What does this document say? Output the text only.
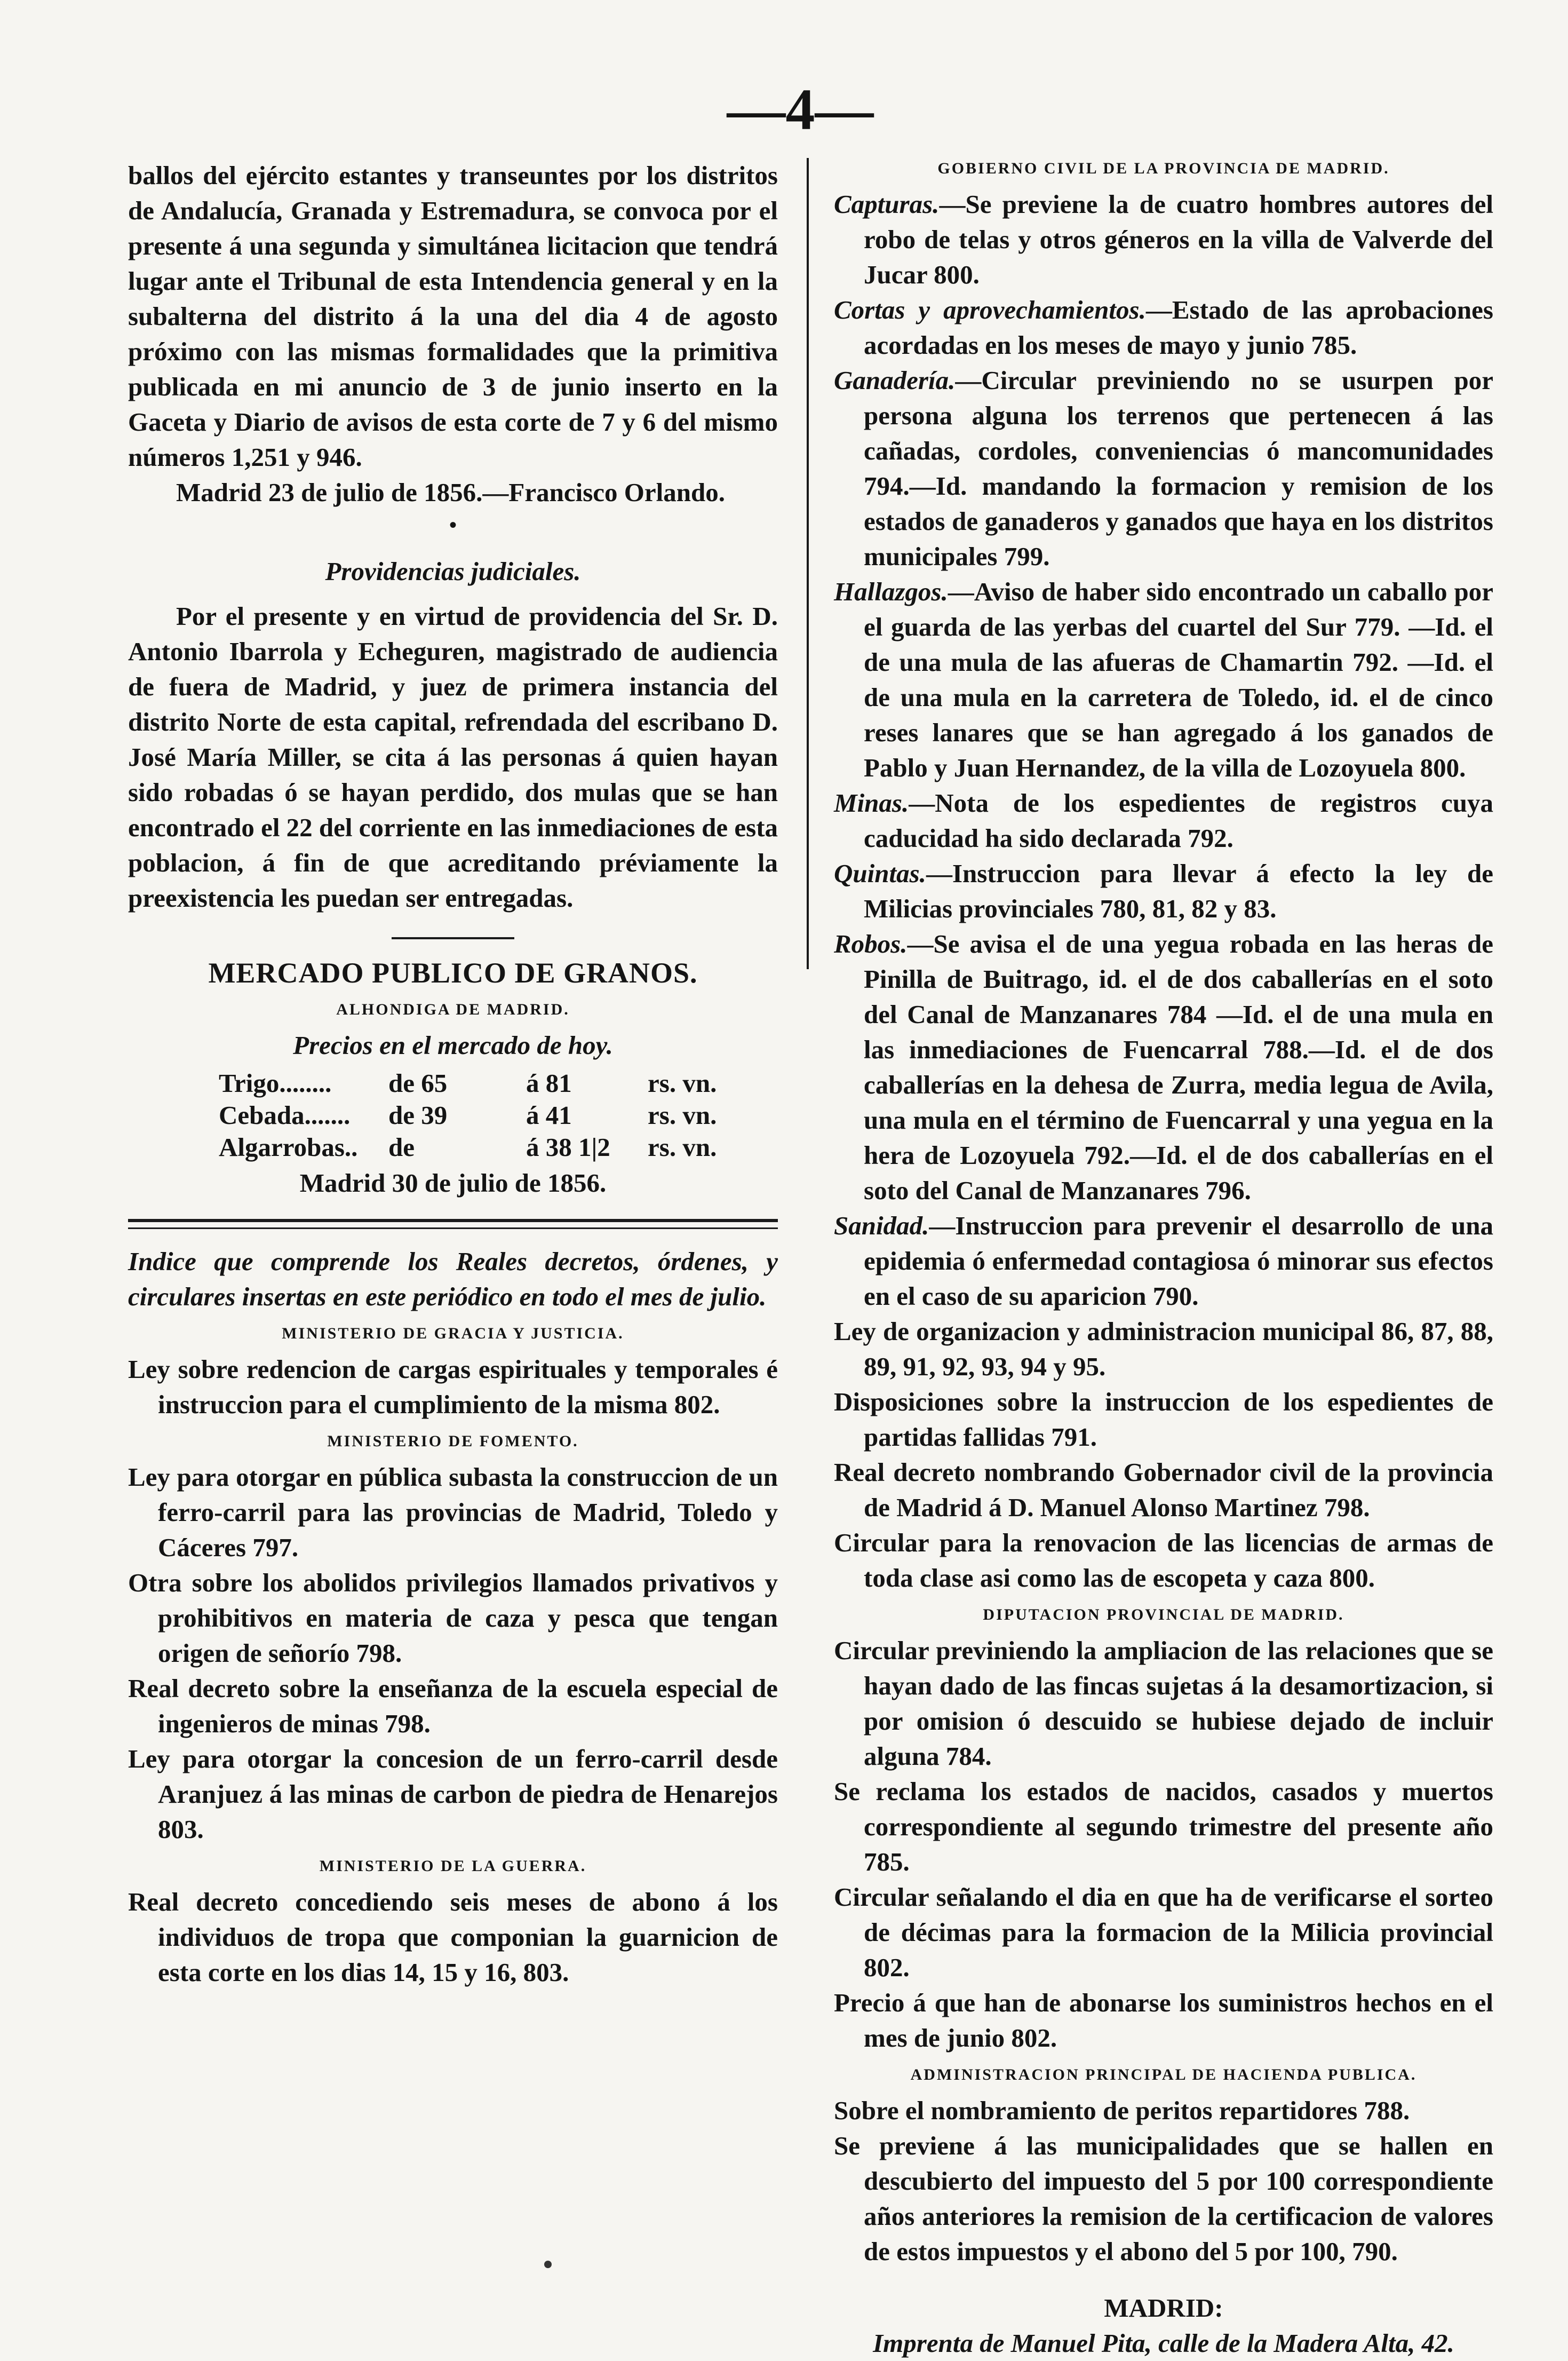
—4—

ballos del ejército estantes y transeuntes por los distritos de Andalucía, Granada y Estremadura, se convoca por el presente á una segunda y simultánea licitacion que tendrá lugar ante el Tribunal de esta Intendencia general y en la subalterna del distrito á la una del dia 4 de agosto próximo con las mismas formalidades que la primitiva publicada en mi anuncio de 3 de junio inserto en la Gaceta y Diario de avisos de esta corte de 7 y 6 del mismo números 1,251 y 946.

Madrid 23 de julio de 1856.—Francisco Orlando.

•

Providencias judiciales.

Por el presente y en virtud de providencia del Sr. D. Antonio Ibarrola y Echeguren, magistrado de audiencia de fuera de Madrid, y juez de primera instancia del distrito Norte de esta capital, refrendada del escribano D. José María Miller, se cita á las personas á quien hayan sido robadas ó se hayan perdido, dos mulas que se han encontrado el 22 del corriente en las inmediaciones de esta poblacion, á fin de que acreditando préviamente la preexistencia les puedan ser entregadas.

MERCADO PUBLICO DE GRANOS.

ALHONDIGA DE MADRID.

Precios en el mercado de hoy.

Trigo........	de 65	á 81	rs. vn.
Cebada.......	de 39	á 41	rs. vn.
Algarrobas..	de	á 38 1|2	rs. vn.

Madrid 30 de julio de 1856.

Indice que comprende los Reales decretos, órdenes, y circulares insertas en este periódico en todo el mes de julio.

MINISTERIO DE GRACIA Y JUSTICIA.

Ley sobre redencion de cargas espirituales y temporales é instruccion para el cumplimiento de la misma 802.

MINISTERIO DE FOMENTO.

Ley para otorgar en pública subasta la construccion de un ferro-carril para las provincias de Madrid, Toledo y Cáceres 797.

Otra sobre los abolidos privilegios llamados privativos y prohibitivos en materia de caza y pesca que tengan origen de señorío 798.

Real decreto sobre la enseñanza de la escuela especial de ingenieros de minas 798.

Ley para otorgar la concesion de un ferro-carril desde Aranjuez á las minas de carbon de piedra de Henarejos 803.

MINISTERIO DE LA GUERRA.

Real decreto concediendo seis meses de abono á los individuos de tropa que componian la guarnicion de esta corte en los dias 14, 15 y 16, 803.

GOBIERNO CIVIL DE LA PROVINCIA DE MADRID.

Capturas.—Se previene la de cuatro hombres autores del robo de telas y otros géneros en la villa de Valverde del Jucar 800.

Cortas y aprovechamientos.—Estado de las aprobaciones acordadas en los meses de mayo y junio 785.

Ganadería.—Circular previniendo no se usurpen por persona alguna los terrenos que pertenecen á las cañadas, cordoles, conveniencias ó mancomunidades 794.—Id. mandando la formacion y remision de los estados de ganaderos y ganados que haya en los distritos municipales 799.

Hallazgos.—Aviso de haber sido encontrado un caballo por el guarda de las yerbas del cuartel del Sur 779. —Id. el de una mula de las afueras de Chamartin 792. —Id. el de una mula en la carretera de Toledo, id. el de cinco reses lanares que se han agregado á los ganados de Pablo y Juan Hernandez, de la villa de Lozoyuela 800.

Minas.—Nota de los espedientes de registros cuya caducidad ha sido declarada 792.

Quintas.—Instruccion para llevar á efecto la ley de Milicias provinciales 780, 81, 82 y 83.

Robos.—Se avisa el de una yegua robada en las heras de Pinilla de Buitrago, id. el de dos caballerías en el soto del Canal de Manzanares 784 —Id. el de una mula en las inmediaciones de Fuencarral 788.—Id. el de dos caballerías en la dehesa de Zurra, media legua de Avila, una mula en el término de Fuencarral y una yegua en la hera de Lozoyuela 792.—Id. el de dos caballerías en el soto del Canal de Manzanares 796.

Sanidad.—Instruccion para prevenir el desarrollo de una epidemia ó enfermedad contagiosa ó minorar sus efectos en el caso de su aparicion 790.

Ley de organizacion y administracion municipal 86, 87, 88, 89, 91, 92, 93, 94 y 95.

Disposiciones sobre la instruccion de los espedientes de partidas fallidas 791.

Real decreto nombrando Gobernador civil de la provincia de Madrid á D. Manuel Alonso Martinez 798.

Circular para la renovacion de las licencias de armas de toda clase asi como las de escopeta y caza 800.

DIPUTACION PROVINCIAL DE MADRID.

Circular previniendo la ampliacion de las relaciones que se hayan dado de las fincas sujetas á la desamortizacion, si por omision ó descuido se hubiese dejado de incluir alguna 784.

Se reclama los estados de nacidos, casados y muertos correspondiente al segundo trimestre del presente año 785.

Circular señalando el dia en que ha de verificarse el sorteo de décimas para la formacion de la Milicia provincial 802.

Precio á que han de abonarse los suministros hechos en el mes de junio 802.

ADMINISTRACION PRINCIPAL DE HACIENDA PUBLICA.

Sobre el nombramiento de peritos repartidores 788.

Se previene á las municipalidades que se hallen en descubierto del impuesto del 5 por 100 correspondiente años anteriores la remision de la certificacion de valores de estos impuestos y el abono del 5 por 100, 790.

MADRID:

Imprenta de Manuel Pita, calle de la Madera Alta, 42.
